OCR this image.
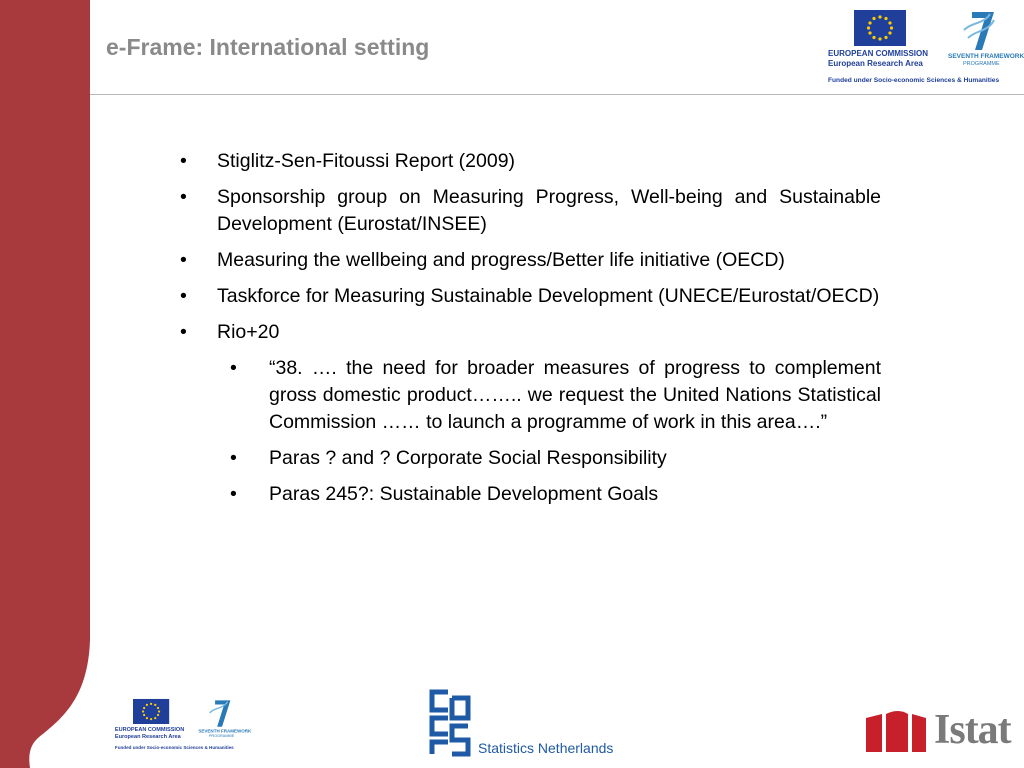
e-Frame: International setting	EUROPEAN COMMISSION
European Research Area
SEVENTH FRAMEWORK
PROGRAMME
Funded under Socio-economic Sciences & Humanities
• Stiglitz-Sen-Fitoussi Report (2009)
• Sponsorship group on Measuring Progress, Well-being and Sustainable Development (Eurostat/INSEE)
• Measuring the wellbeing and progress/Better life initiative (OECD)
• Taskforce for Measuring Sustainable Development (UNECE/Eurostat/OECD)
• Rio+20
• “38. …. the need for broader measures of progress to complement gross domestic product…….. we request the United Nations Statistical Commission …… to launch a programme of work in this area….”
• Paras ? and ? Corporate Social Responsibility
• Paras 245?: Sustainable Development Goals
EUROPEAN COMMISSION
European Research Area
SEVENTH FRAMEWORK
PROGRAMME
Funded under Socio-economic Sciences & Humanities	Statistics Netherlands	Istat
